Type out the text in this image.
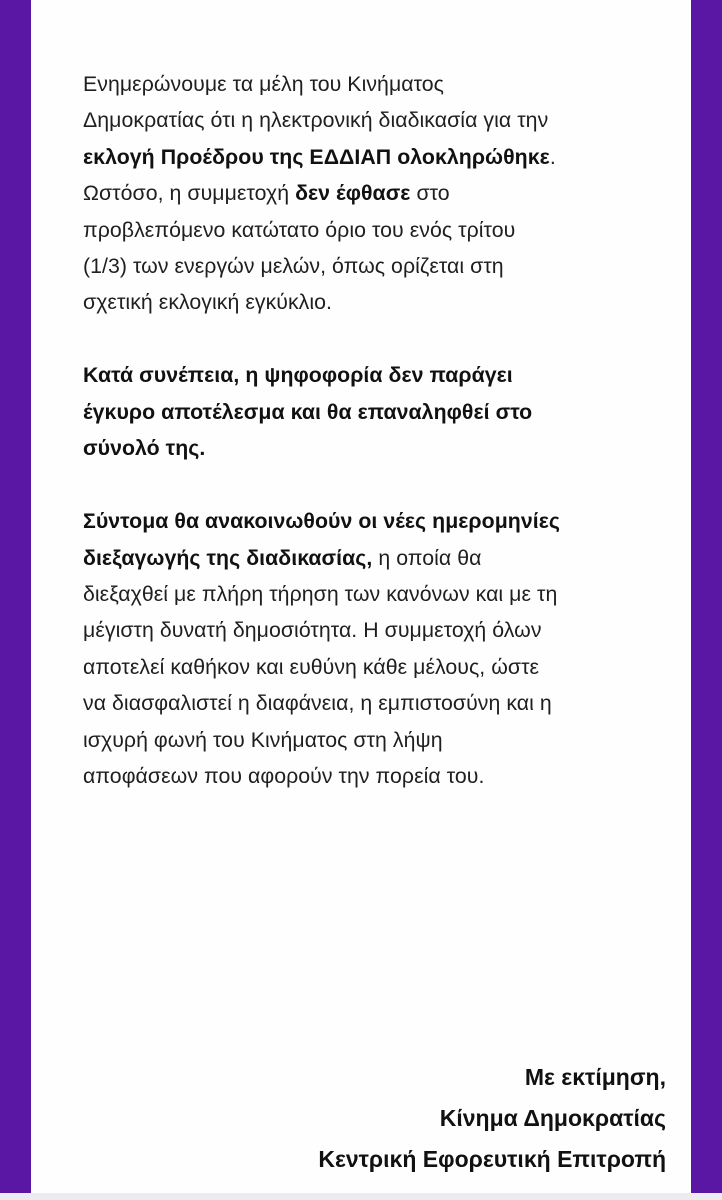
Ενημερώνουμε τα μέλη του Κινήματος
Δημοκρατίας ότι η ηλεκτρονική διαδικασία για την
εκλογή Προέδρου της ΕΔΔΙΑΠ ολοκληρώθηκε.
Ωστόσο, η συμμετοχή δεν έφθασε στο
προβλεπόμενο κατώτατο όριο του ενός τρίτου
(1/3) των ενεργών μελών, όπως ορίζεται στη
σχετική εκλογική εγκύκλιο.

Κατά συνέπεια, η ψηφοφορία δεν παράγει
έγκυρο αποτέλεσμα και θα επαναληφθεί στο
σύνολό της.

Σύντομα θα ανακοινωθούν οι νέες ημερομηνίες
διεξαγωγής της διαδικασίας, η οποία θα
διεξαχθεί με πλήρη τήρηση των κανόνων και με τη
μέγιστη δυνατή δημοσιότητα. Η συμμετοχή όλων
αποτελεί καθήκον και ευθύνη κάθε μέλους, ώστε
να διασφαλιστεί η διαφάνεια, η εμπιστοσύνη και η
ισχυρή φωνή του Κινήματος στη λήψη
αποφάσεων που αφορούν την πορεία του.

Με εκτίμηση,
Κίνημα Δημοκρατίας
Κεντρική Εφορευτική Επιτροπή
